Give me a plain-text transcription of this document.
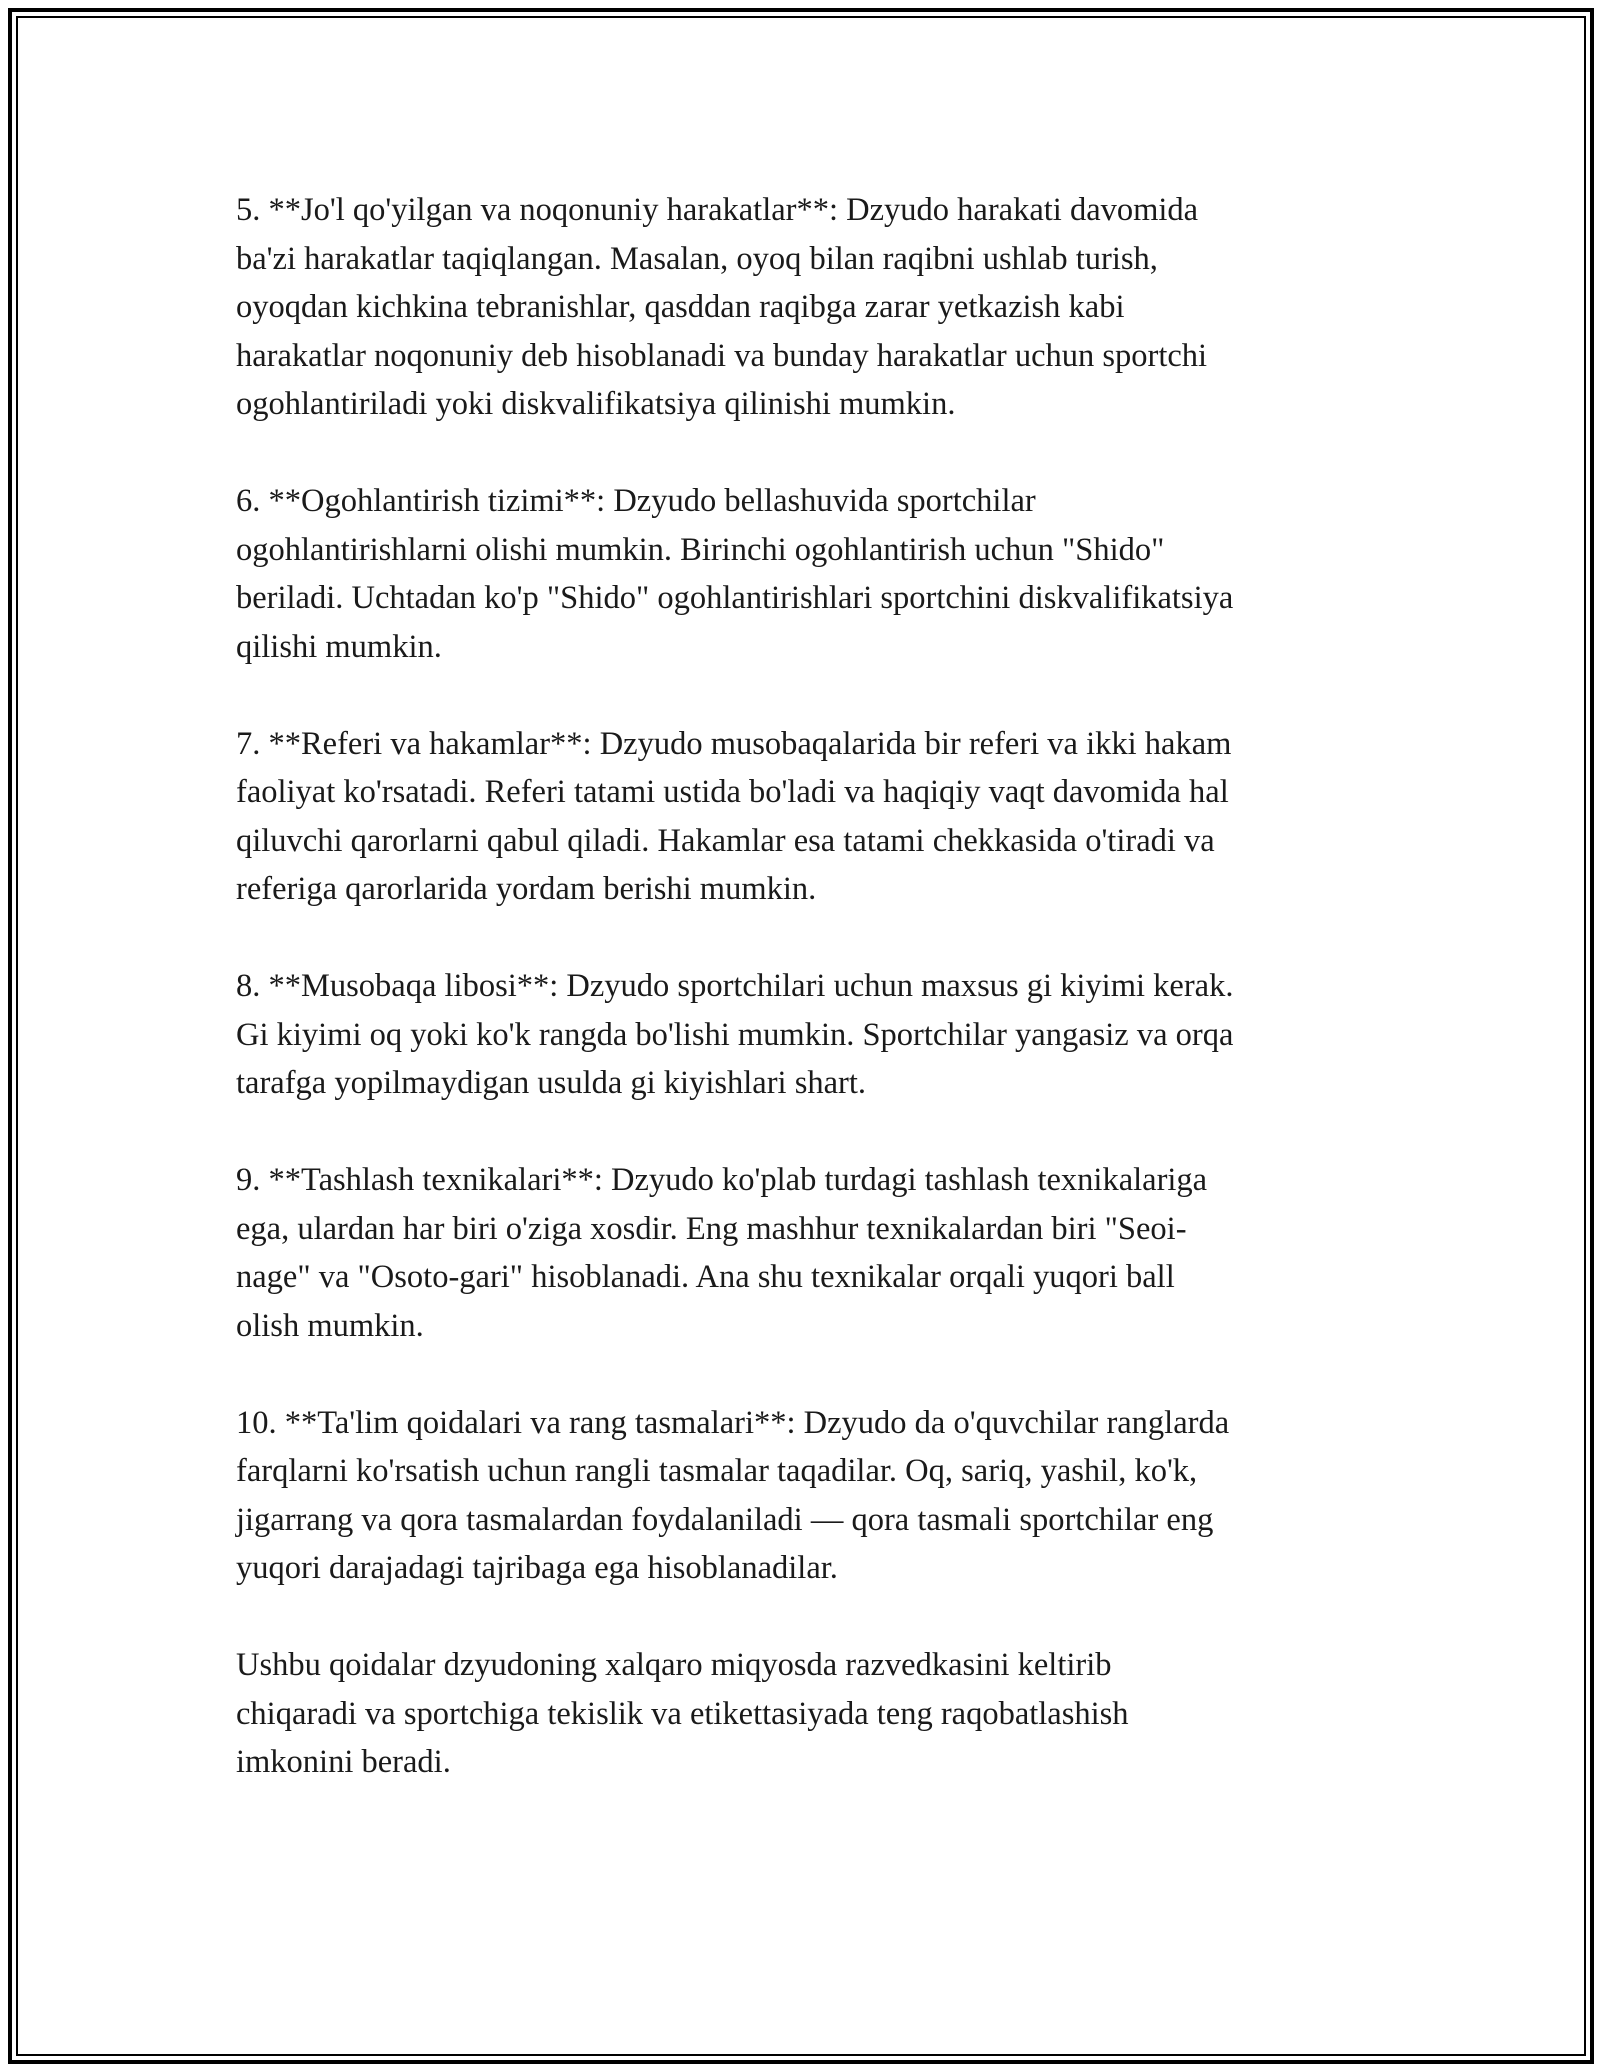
5. **Jo'l qo'yilgan va noqonuniy harakatlar**: Dzyudo harakati davomida
ba'zi harakatlar taqiqlangan. Masalan, oyoq bilan raqibni ushlab turish,
oyoqdan kichkina tebranishlar, qasddan raqibga zarar yetkazish kabi
harakatlar noqonuniy deb hisoblanadi va bunday harakatlar uchun sportchi
ogohlantiriladi yoki diskvalifikatsiya qilinishi mumkin.

6. **Ogohlantirish tizimi**: Dzyudo bellashuvida sportchilar
ogohlantirishlarni olishi mumkin. Birinchi ogohlantirish uchun "Shido"
beriladi. Uchtadan ko'p "Shido" ogohlantirishlari sportchini diskvalifikatsiya
qilishi mumkin.

7. **Referi va hakamlar**: Dzyudo musobaqalarida bir referi va ikki hakam
faoliyat ko'rsatadi. Referi tatami ustida bo'ladi va haqiqiy vaqt davomida hal
qiluvchi qarorlarni qabul qiladi. Hakamlar esa tatami chekkasida o'tiradi va
referiga qarorlarida yordam berishi mumkin.

8. **Musobaqa libosi**: Dzyudo sportchilari uchun maxsus gi kiyimi kerak.
Gi kiyimi oq yoki ko'k rangda bo'lishi mumkin. Sportchilar yangasiz va orqa
tarafga yopilmaydigan usulda gi kiyishlari shart.

9. **Tashlash texnikalari**: Dzyudo ko'plab turdagi tashlash texnikalariga
ega, ulardan har biri o'ziga xosdir. Eng mashhur texnikalardan biri "Seoi-
nage" va "Osoto-gari" hisoblanadi. Ana shu texnikalar orqali yuqori ball
olish mumkin.

10. **Ta'lim qoidalari va rang tasmalari**: Dzyudo da o'quvchilar ranglarda
farqlarni ko'rsatish uchun rangli tasmalar taqadilar. Oq, sariq, yashil, ko'k,
jigarrang va qora tasmalardan foydalaniladi — qora tasmali sportchilar eng
yuqori darajadagi tajribaga ega hisoblanadilar.

Ushbu qoidalar dzyudoning xalqaro miqyosda razvedkasini keltirib
chiqaradi va sportchiga tekislik va etikettasiyada teng raqobatlashish
imkonini beradi.
